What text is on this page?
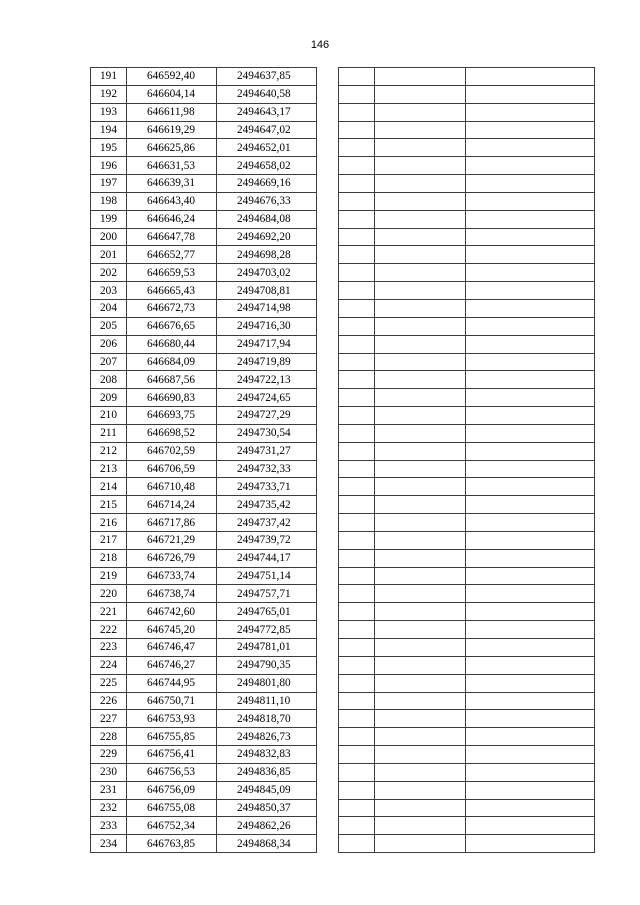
146
191	646592,40	2494637,85
192	646604,14	2494640,58
193	646611,98	2494643,17
194	646619,29	2494647,02
195	646625,86	2494652,01
196	646631,53	2494658,02
197	646639,31	2494669,16
198	646643,40	2494676,33
199	646646,24	2494684,08
200	646647,78	2494692,20
201	646652,77	2494698,28
202	646659,53	2494703,02
203	646665,43	2494708,81
204	646672,73	2494714,98
205	646676,65	2494716,30
206	646680,44	2494717,94
207	646684,09	2494719,89
208	646687,56	2494722,13
209	646690,83	2494724,65
210	646693,75	2494727,29
211	646698,52	2494730,54
212	646702,59	2494731,27
213	646706,59	2494732,33
214	646710,48	2494733,71
215	646714,24	2494735,42
216	646717,86	2494737,42
217	646721,29	2494739,72
218	646726,79	2494744,17
219	646733,74	2494751,14
220	646738,74	2494757,71
221	646742,60	2494765,01
222	646745,20	2494772,85
223	646746,47	2494781,01
224	646746,27	2494790,35
225	646744,95	2494801,80
226	646750,71	2494811,10
227	646753,93	2494818,70
228	646755,85	2494826,73
229	646756,41	2494832,83
230	646756,53	2494836,85
231	646756,09	2494845,09
232	646755,08	2494850,37
233	646752,34	2494862,26
234	646763,85	2494868,34
